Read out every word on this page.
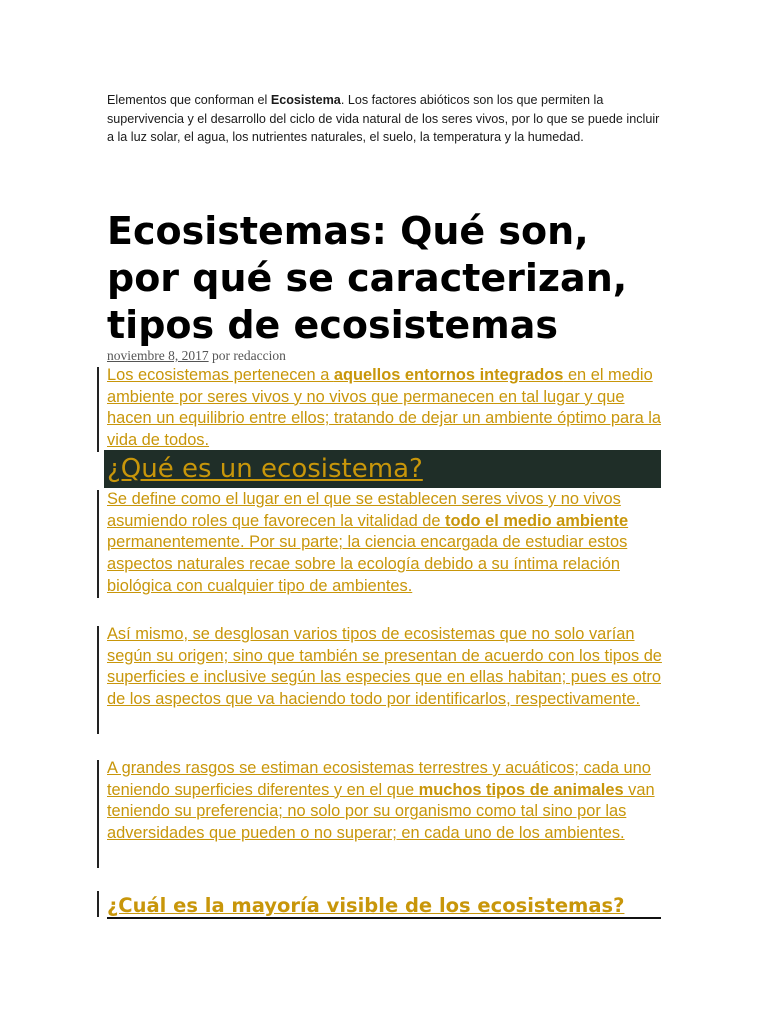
Elementos que conforman el Ecosistema. Los factores abióticos son los que permiten la supervivencia y el desarrollo del ciclo de vida natural de los seres vivos, por lo que se puede incluir a la luz solar, el agua, los nutrientes naturales, el suelo, la temperatura y la humedad.
Ecosistemas: Qué son, por qué se caracterizan, tipos de ecosistemas
noviembre 8, 2017 por redaccion
Los ecosistemas pertenecen a aquellos entornos integrados en el medio ambiente por seres vivos y no vivos que permanecen en tal lugar y que hacen un equilibrio entre ellos; tratando de dejar un ambiente óptimo para la vida de todos.
¿Qué es un ecosistema?
Se define como el lugar en el que se establecen seres vivos y no vivos asumiendo roles que favorecen la vitalidad de todo el medio ambiente permanentemente. Por su parte; la ciencia encargada de estudiar estos aspectos naturales recae sobre la ecología debido a su íntima relación biológica con cualquier tipo de ambientes.
Así mismo, se desglosan varios tipos de ecosistemas que no solo varían según su origen; sino que también se presentan de acuerdo con los tipos de superficies e inclusive según las especies que en ellas habitan; pues es otro de los aspectos que va haciendo todo por identificarlos, respectivamente.
A grandes rasgos se estiman ecosistemas terrestres y acuáticos; cada uno teniendo superficies diferentes y en el que muchos tipos de animales van teniendo su preferencia; no solo por su organismo como tal sino por las adversidades que pueden o no superar; en cada uno de los ambientes.
¿Cuál es la mayoría visible de los ecosistemas?
